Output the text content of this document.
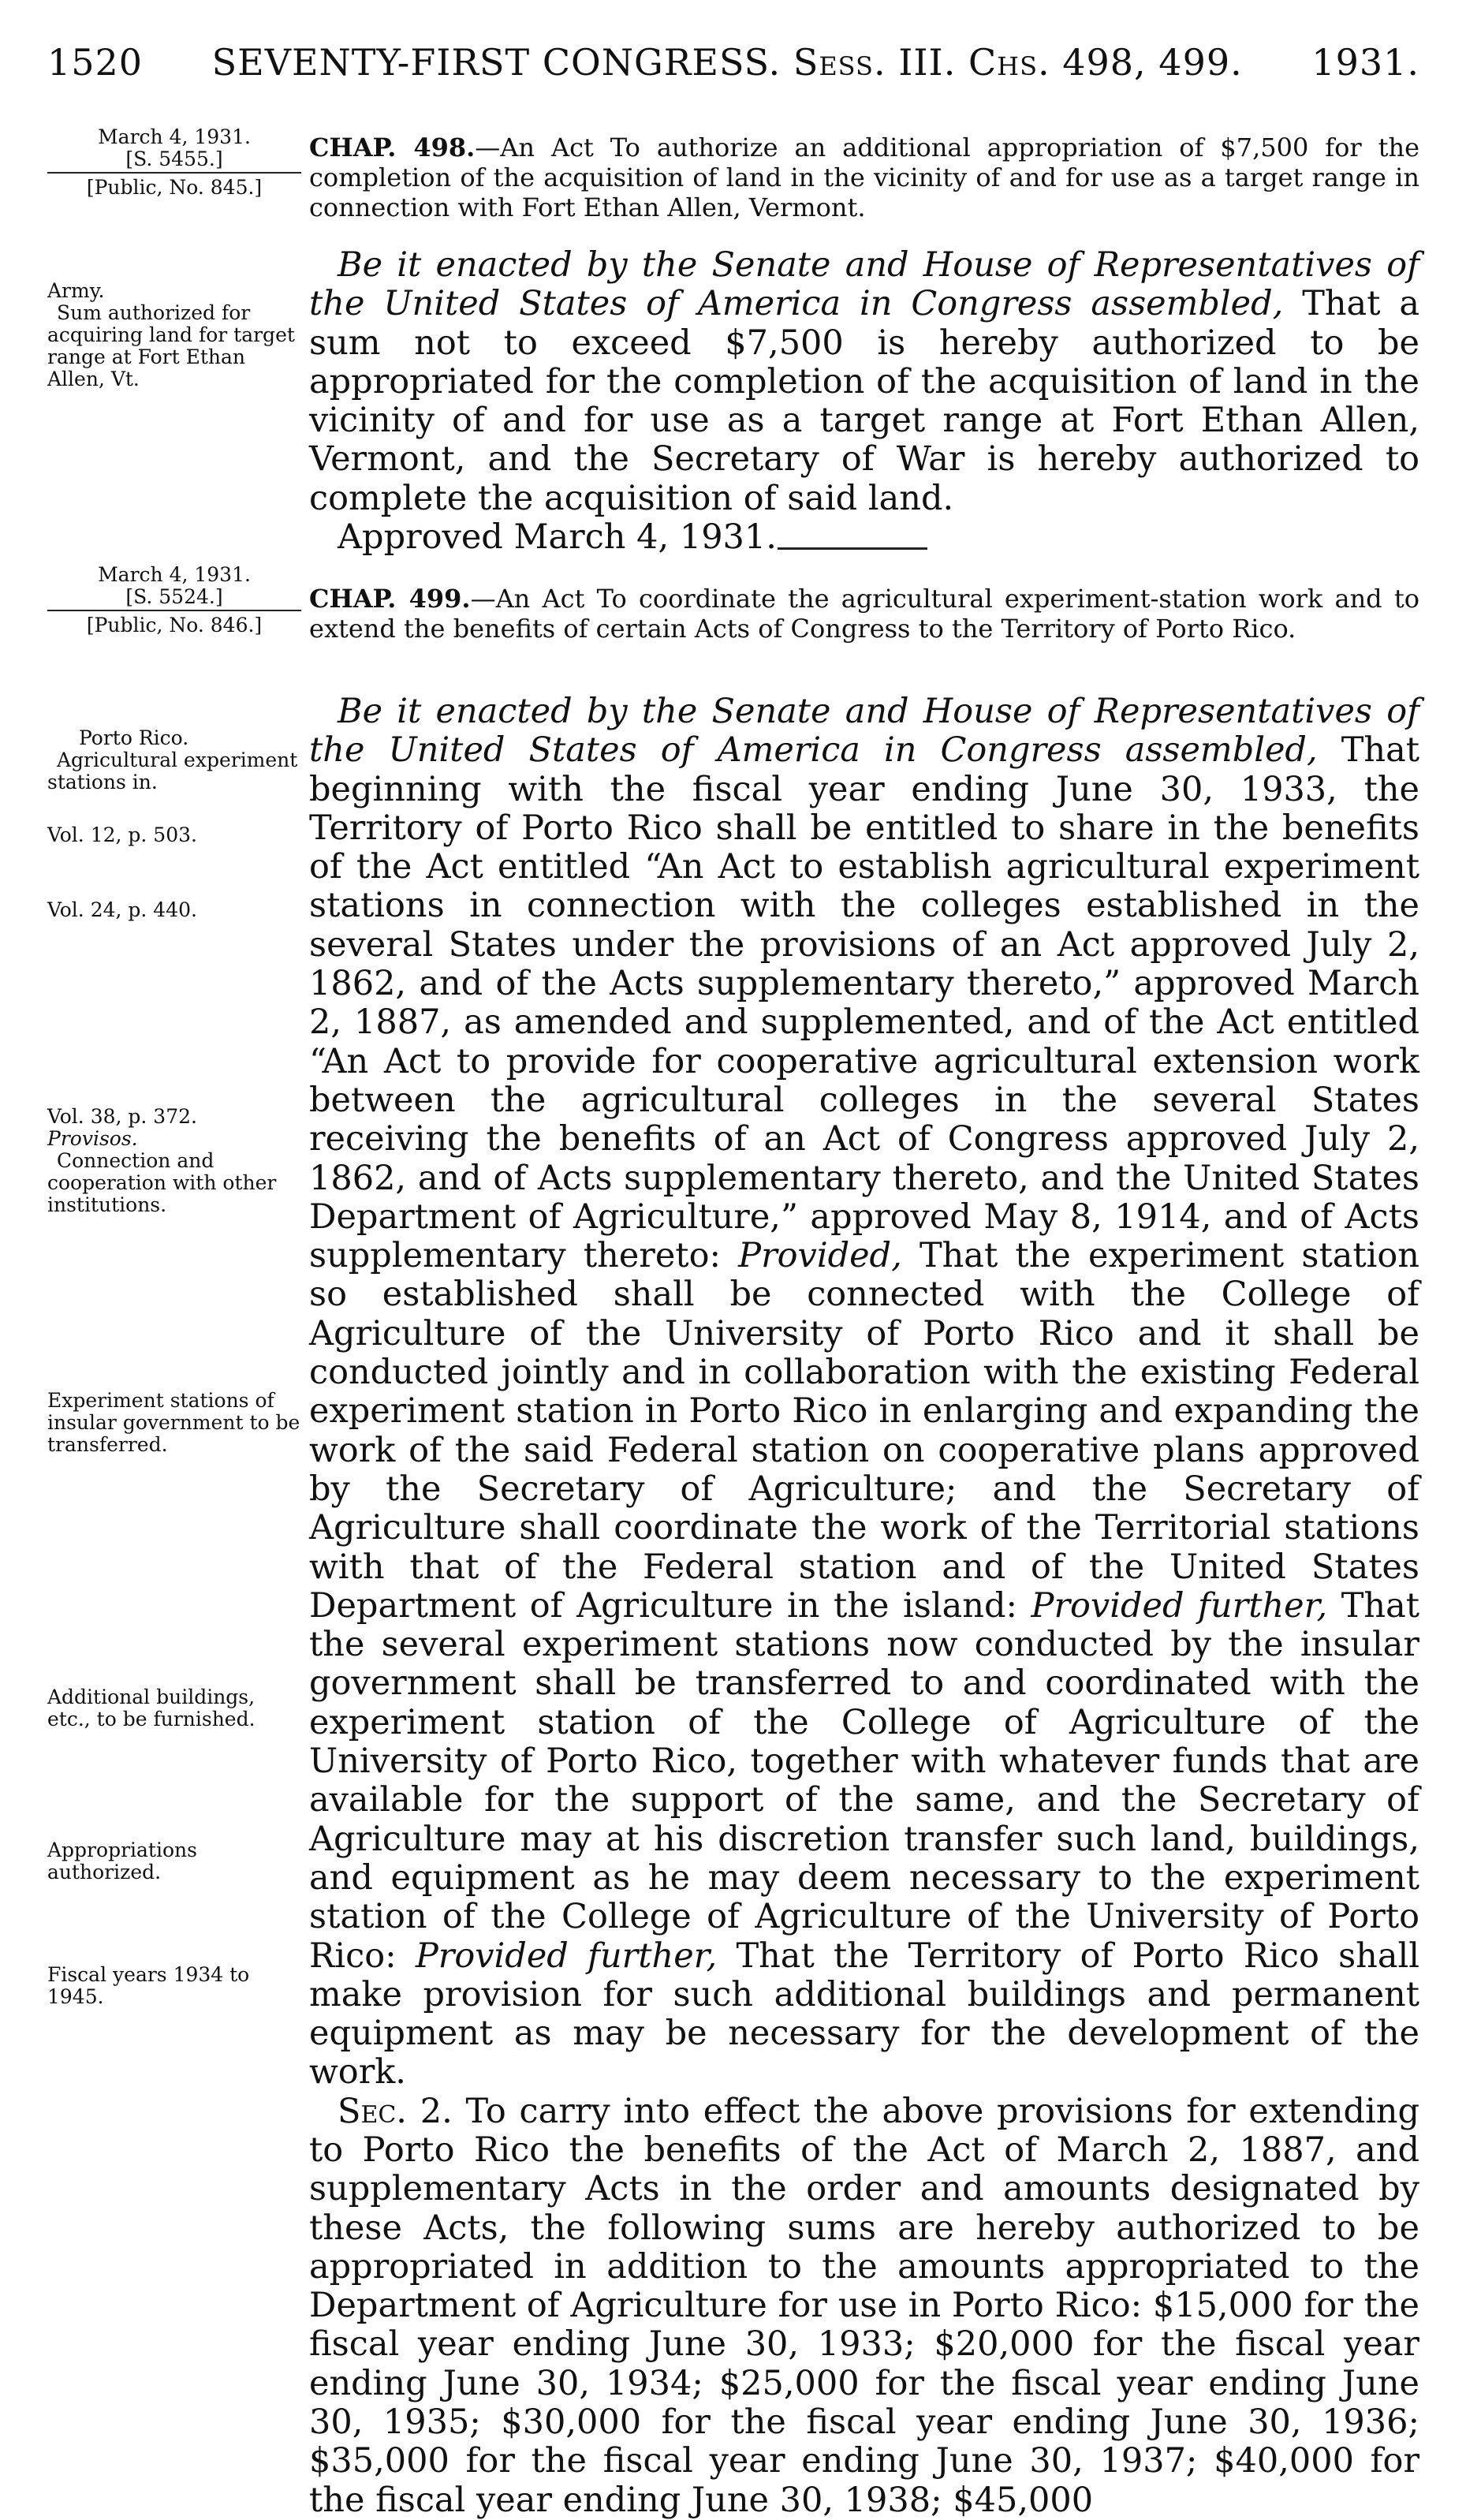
1520	SEVENTY-FIRST CONGRESS. Sess. III. Chs. 498, 499.	1931.
March 4, 1931.
[S. 5455.]
[Public, No. 845.]
CHAP. 498.—An Act To authorize an additional appropriation of $7,500 for the completion of the acquisition of land in the vicinity of and for use as a target range in connection with Fort Ethan Allen, Vermont.
Army.
Sum authorized for acquiring land for target range at Fort Ethan Allen, Vt.

Be it enacted by the Senate and House of Representatives of the United States of America in Congress assembled, That a sum not to exceed $7,500 is hereby authorized to be appropriated for the completion of the acquisition of land in the vicinity of and for use as a target range at Fort Ethan Allen, Vermont, and the Secretary of War is hereby authorized to complete the acquisition of said land.

Approved March 4, 1931.

March 4, 1931.
[S. 5524.]
[Public, No. 846.]
CHAP. 499.—An Act To coordinate the agricultural experiment-station work and to extend the benefits of certain Acts of Congress to the Territory of Porto Rico.
Porto Rico.
Agricultural experiment stations in.
Vol. 12, p. 503.
Vol. 24, p. 440.
Vol. 38, p. 372.
Provisos.
Connection and cooperation with other institutions.
Experiment stations of insular government to be transferred.
Additional buildings, etc., to be furnished.
Appropriations authorized.
Fiscal years 1934 to 1945.

Be it enacted by the Senate and House of Representatives of the United States of America in Congress assembled, That beginning with the fiscal year ending June 30, 1933, the Territory of Porto Rico shall be entitled to share in the benefits of the Act entitled “An Act to establish agricultural experiment stations in connection with the colleges established in the several States under the provisions of an Act approved July 2, 1862, and of the Acts supplementary thereto,” approved March 2, 1887, as amended and supplemented, and of the Act entitled “An Act to provide for cooperative agricultural extension work between the agricultural colleges in the several States receiving the benefits of an Act of Congress approved July 2, 1862, and of Acts supplementary thereto, and the United States Department of Agriculture,” approved May 8, 1914, and of Acts supplementary thereto: Provided, That the experiment station so established shall be connected with the College of Agriculture of the University of Porto Rico and it shall be conducted jointly and in collaboration with the existing Federal experiment station in Porto Rico in enlarging and expanding the work of the said Federal station on cooperative plans approved by the Secretary of Agriculture; and the Secretary of Agriculture shall coordinate the work of the Territorial stations with that of the Federal station and of the United States Department of Agriculture in the island: Provided further, That the several experiment stations now conducted by the insular government shall be transferred to and coordinated with the experiment station of the College of Agriculture of the University of Porto Rico, together with whatever funds that are available for the support of the same, and the Secretary of Agriculture may at his discretion transfer such land, buildings, and equipment as he may deem necessary to the experiment station of the College of Agriculture of the University of Porto Rico: Provided further, That the Territory of Porto Rico shall make provision for such additional buildings and permanent equipment as may be necessary for the development of the work.

Sec. 2. To carry into effect the above provisions for extending to Porto Rico the benefits of the Act of March 2, 1887, and supplementary Acts in the order and amounts designated by these Acts, the following sums are hereby authorized to be appropriated in addition to the amounts appropriated to the Department of Agriculture for use in Porto Rico: $15,000 for the fiscal year ending June 30, 1933; $20,000 for the fiscal year ending June 30, 1934; $25,000 for the fiscal year ending June 30, 1935; $30,000 for the fiscal year ending June 30, 1936; $35,000 for the fiscal year ending June 30, 1937; $40,000 for the fiscal year ending June 30, 1938; $45,000
